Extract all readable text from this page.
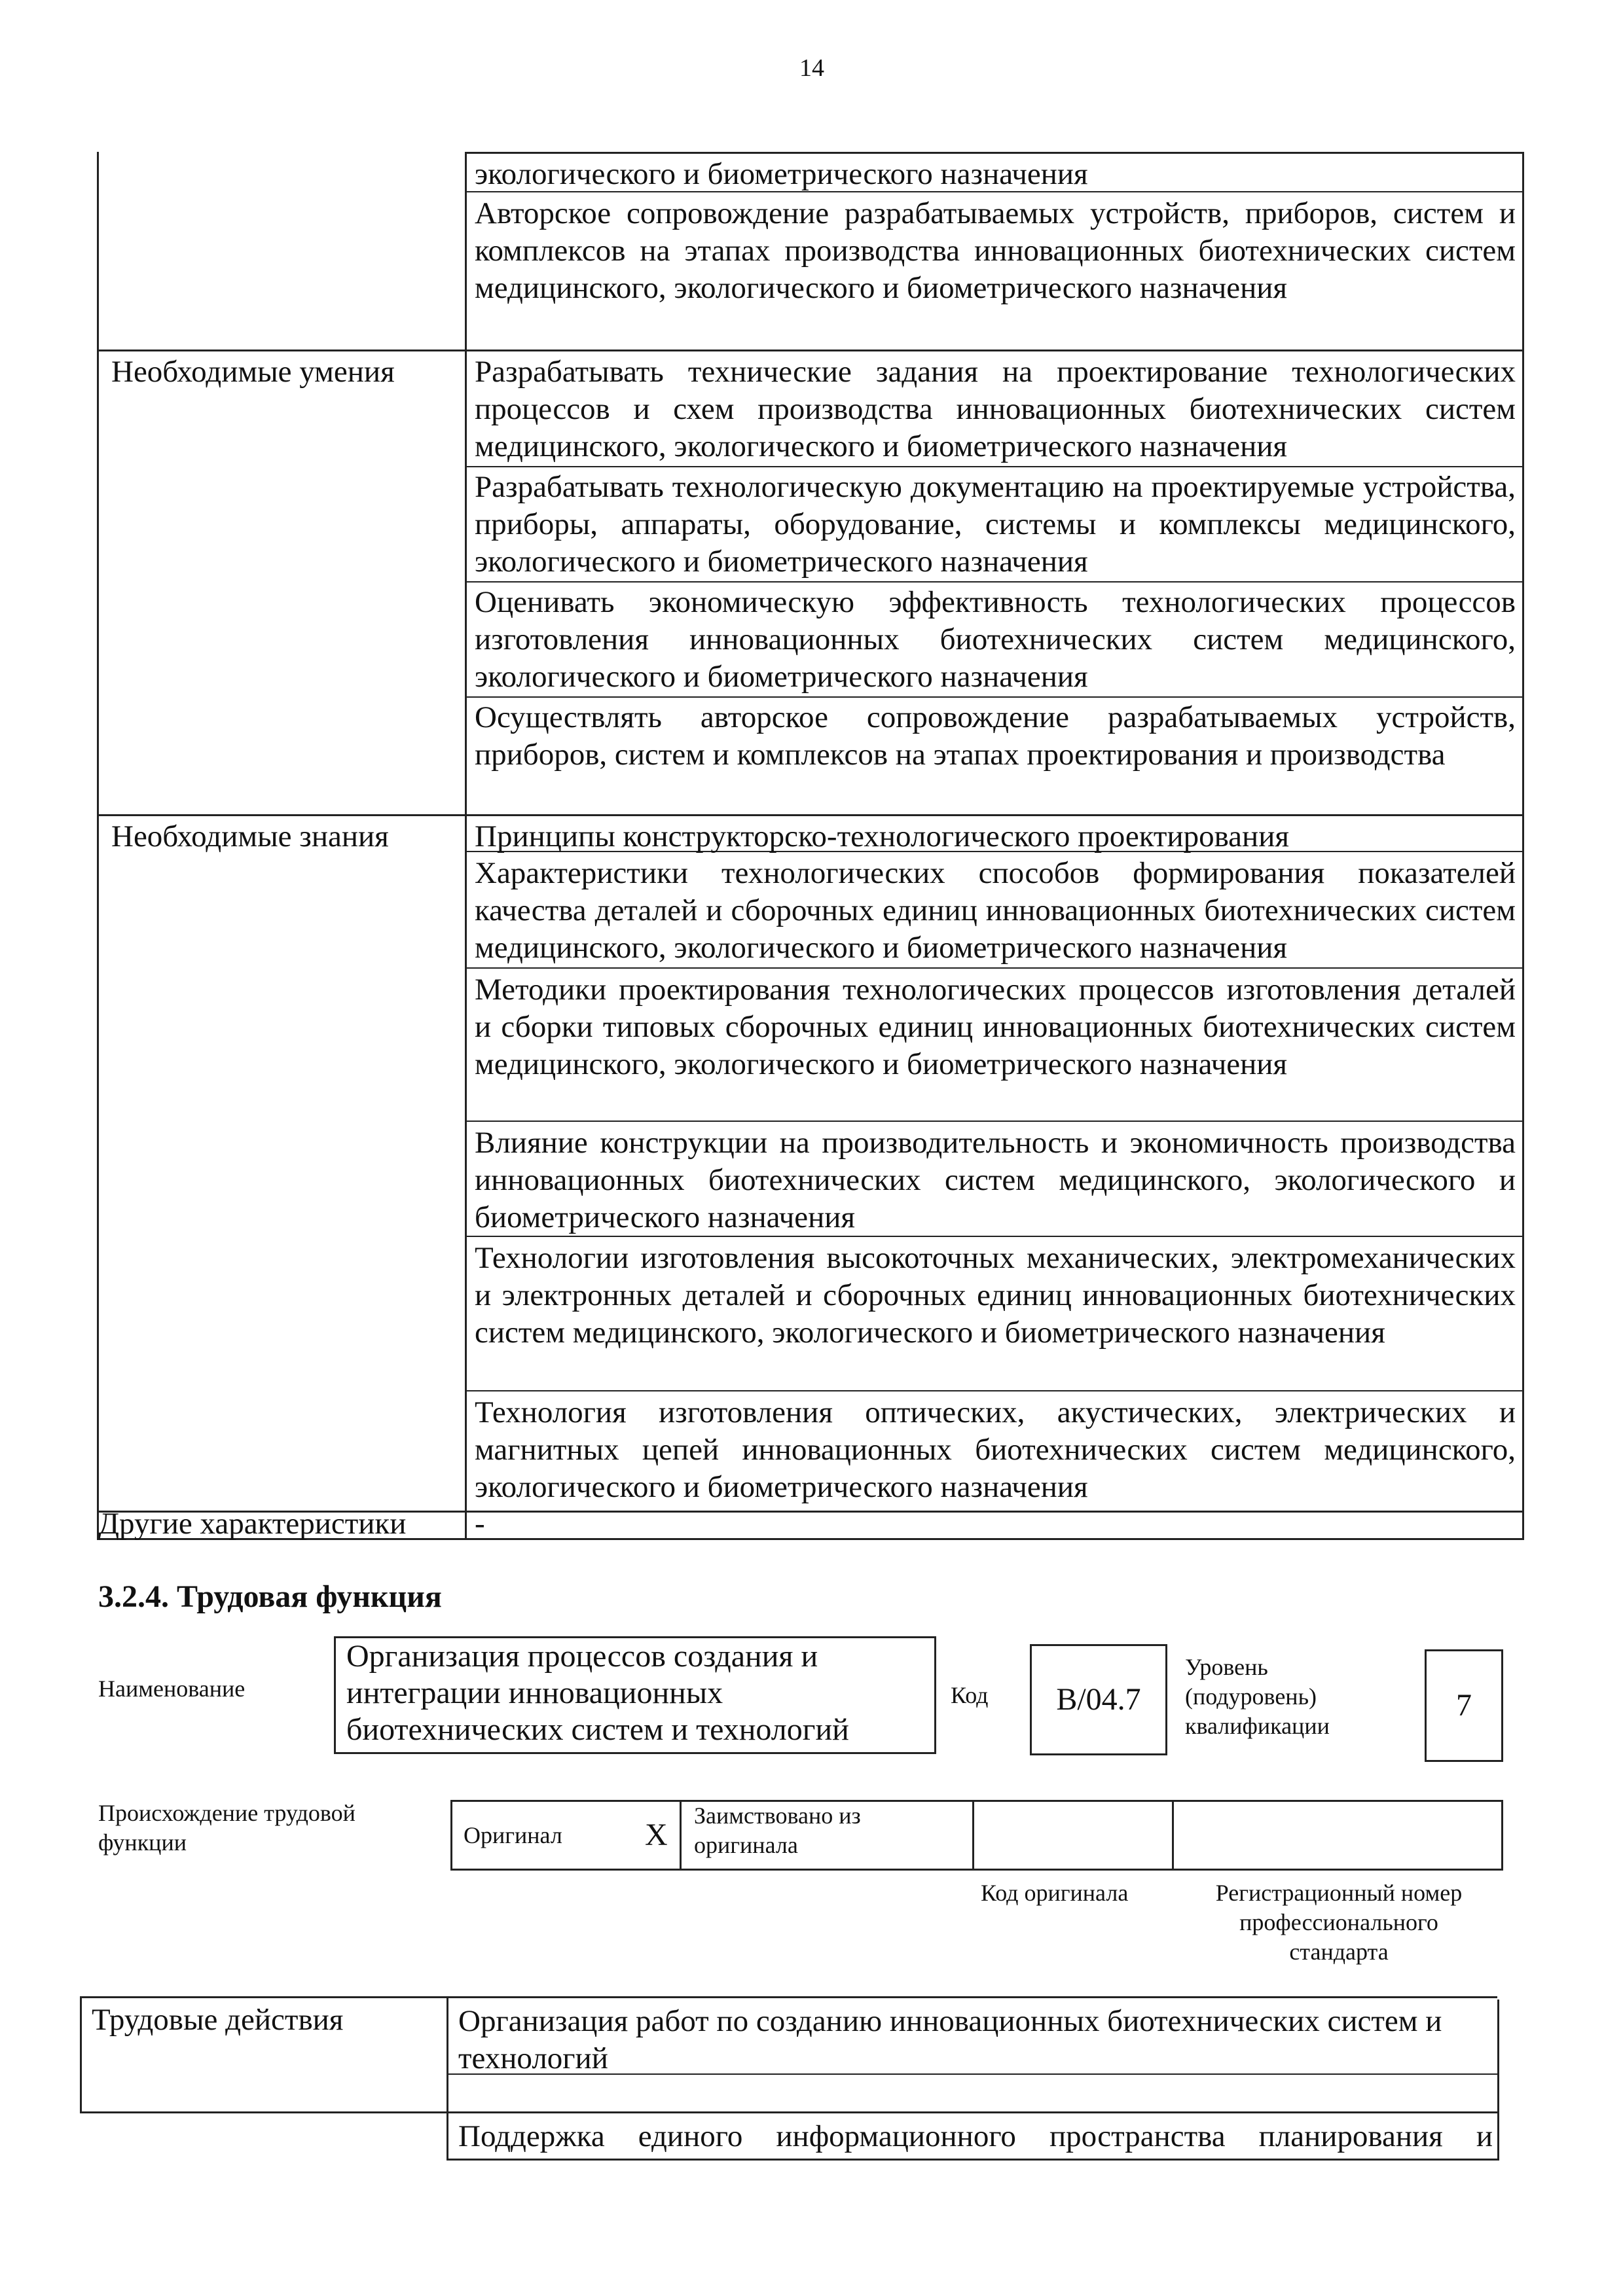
14
экологического и биометрического назначения
Авторское сопровождение разрабатываемых устройств, приборов, систем и комплексов на этапах производства инновационных биотехнических систем медицинского, экологического и биометрического назначения
Необходимые умения	Разрабатывать технические задания на проектирование технологических процессов и схем производства инновационных биотехнических систем медицинского, экологического и биометрического назначения
Разрабатывать технологическую документацию на проектируемые устройства, приборы, аппараты, оборудование, системы и комплексы медицинского, экологического и биометрического назначения
Оценивать экономическую эффективность технологических процессов изготовления инновационных биотехнических систем медицинского, экологического и биометрического назначения
Осуществлять авторское сопровождение разрабатываемых устройств, приборов, систем и комплексов на этапах проектирования и производства
Необходимые знания	Принципы конструкторско-технологического проектирования
Характеристики технологических способов формирования показателей качества деталей и сборочных единиц инновационных биотехнических систем медицинского, экологического и биометрического назначения
Методики проектирования технологических процессов изготовления деталей и сборки типовых сборочных единиц инновационных биотехнических систем медицинского, экологического и биометрического назначения
Влияние конструкции на производительность и экономичность производства инновационных биотехнических систем медицинского, экологического и биометрического назначения
Технологии изготовления высокоточных механических, электромеханических и электронных деталей и сборочных единиц инновационных биотехнических систем медицинского, экологического и биометрического назначения
Технология изготовления оптических, акустических, электрических и магнитных цепей инновационных биотехнических систем медицинского, экологического и биометрического назначения
Другие характеристики -
3.2.4. Трудовая функция
Наименование
Организация процессов создания и интеграции инновационных биотехнических систем и технологий
Код	B/04.7
Уровень (подуровень) квалификации
7
Происхождение трудовой функции	Оригинал	X
Заимствовано из оригинала
Код оригинала	Регистрационный номер профессионального стандарта
Трудовые действия	Организация работ по созданию инновационных биотехнических систем и технологий
Поддержка единого информационного пространства планирования и
